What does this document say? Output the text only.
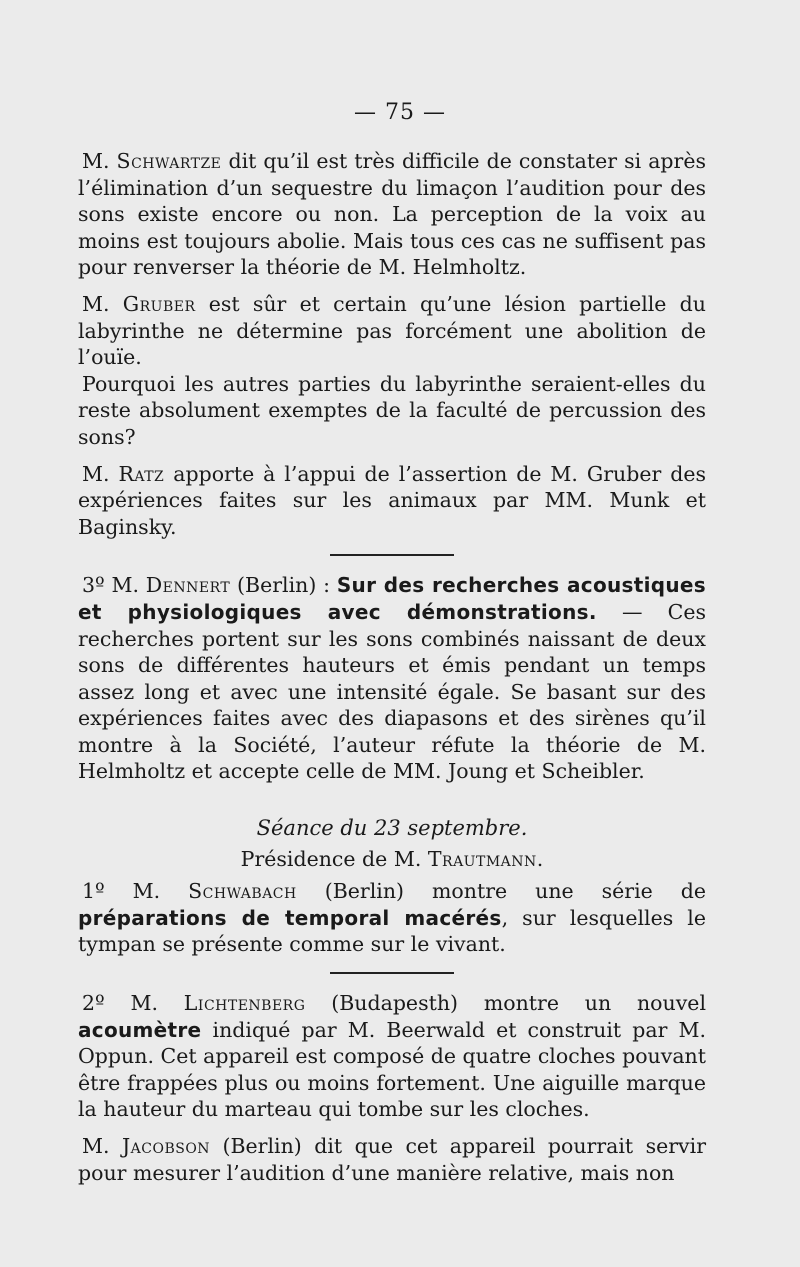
— 75 —

M. Schwartze dit qu’il est très difficile de constater si après l’élimination d’un sequestre du limaçon l’audition pour des sons existe encore ou non. La perception de la voix au moins est toujours abolie. Mais tous ces cas ne suffisent pas pour renverser la théorie de M. Helmholtz.

M. Gruber est sûr et certain qu’une lésion partielle du labyrinthe ne détermine pas forcément une abolition de l’ouïe.

Pourquoi les autres parties du labyrinthe seraient-elles du reste absolument exemptes de la faculté de percussion des sons?

M. Ratz apporte à l’appui de l’assertion de M. Gruber des expériences faites sur les animaux par MM. Munk et Baginsky.

3º M. Dennert (Berlin) : Sur des recherches acoustiques et physiologiques avec démonstrations. — Ces recherches portent sur les sons combinés naissant de deux sons de différentes hauteurs et émis pendant un temps assez long et avec une intensité égale. Se basant sur des expériences faites avec des diapasons et des sirènes qu’il montre à la Société, l’auteur réfute la théorie de M. Helmholtz et accepte celle de MM. Joung et Scheibler.

Séance du 23 septembre.

Présidence de M. Trautmann.

1º M. Schwabach (Berlin) montre une série de préparations de temporal macérés, sur lesquelles le tympan se présente comme sur le vivant.

2º M. Lichtenberg (Budapesth) montre un nouvel acoumètre indiqué par M. Beerwald et construit par M. Oppun. Cet appareil est composé de quatre cloches pouvant être frappées plus ou moins fortement. Une aiguille marque la hauteur du marteau qui tombe sur les cloches.

M. Jacobson (Berlin) dit que cet appareil pourrait servir pour mesurer l’audition d’une manière relative, mais non
